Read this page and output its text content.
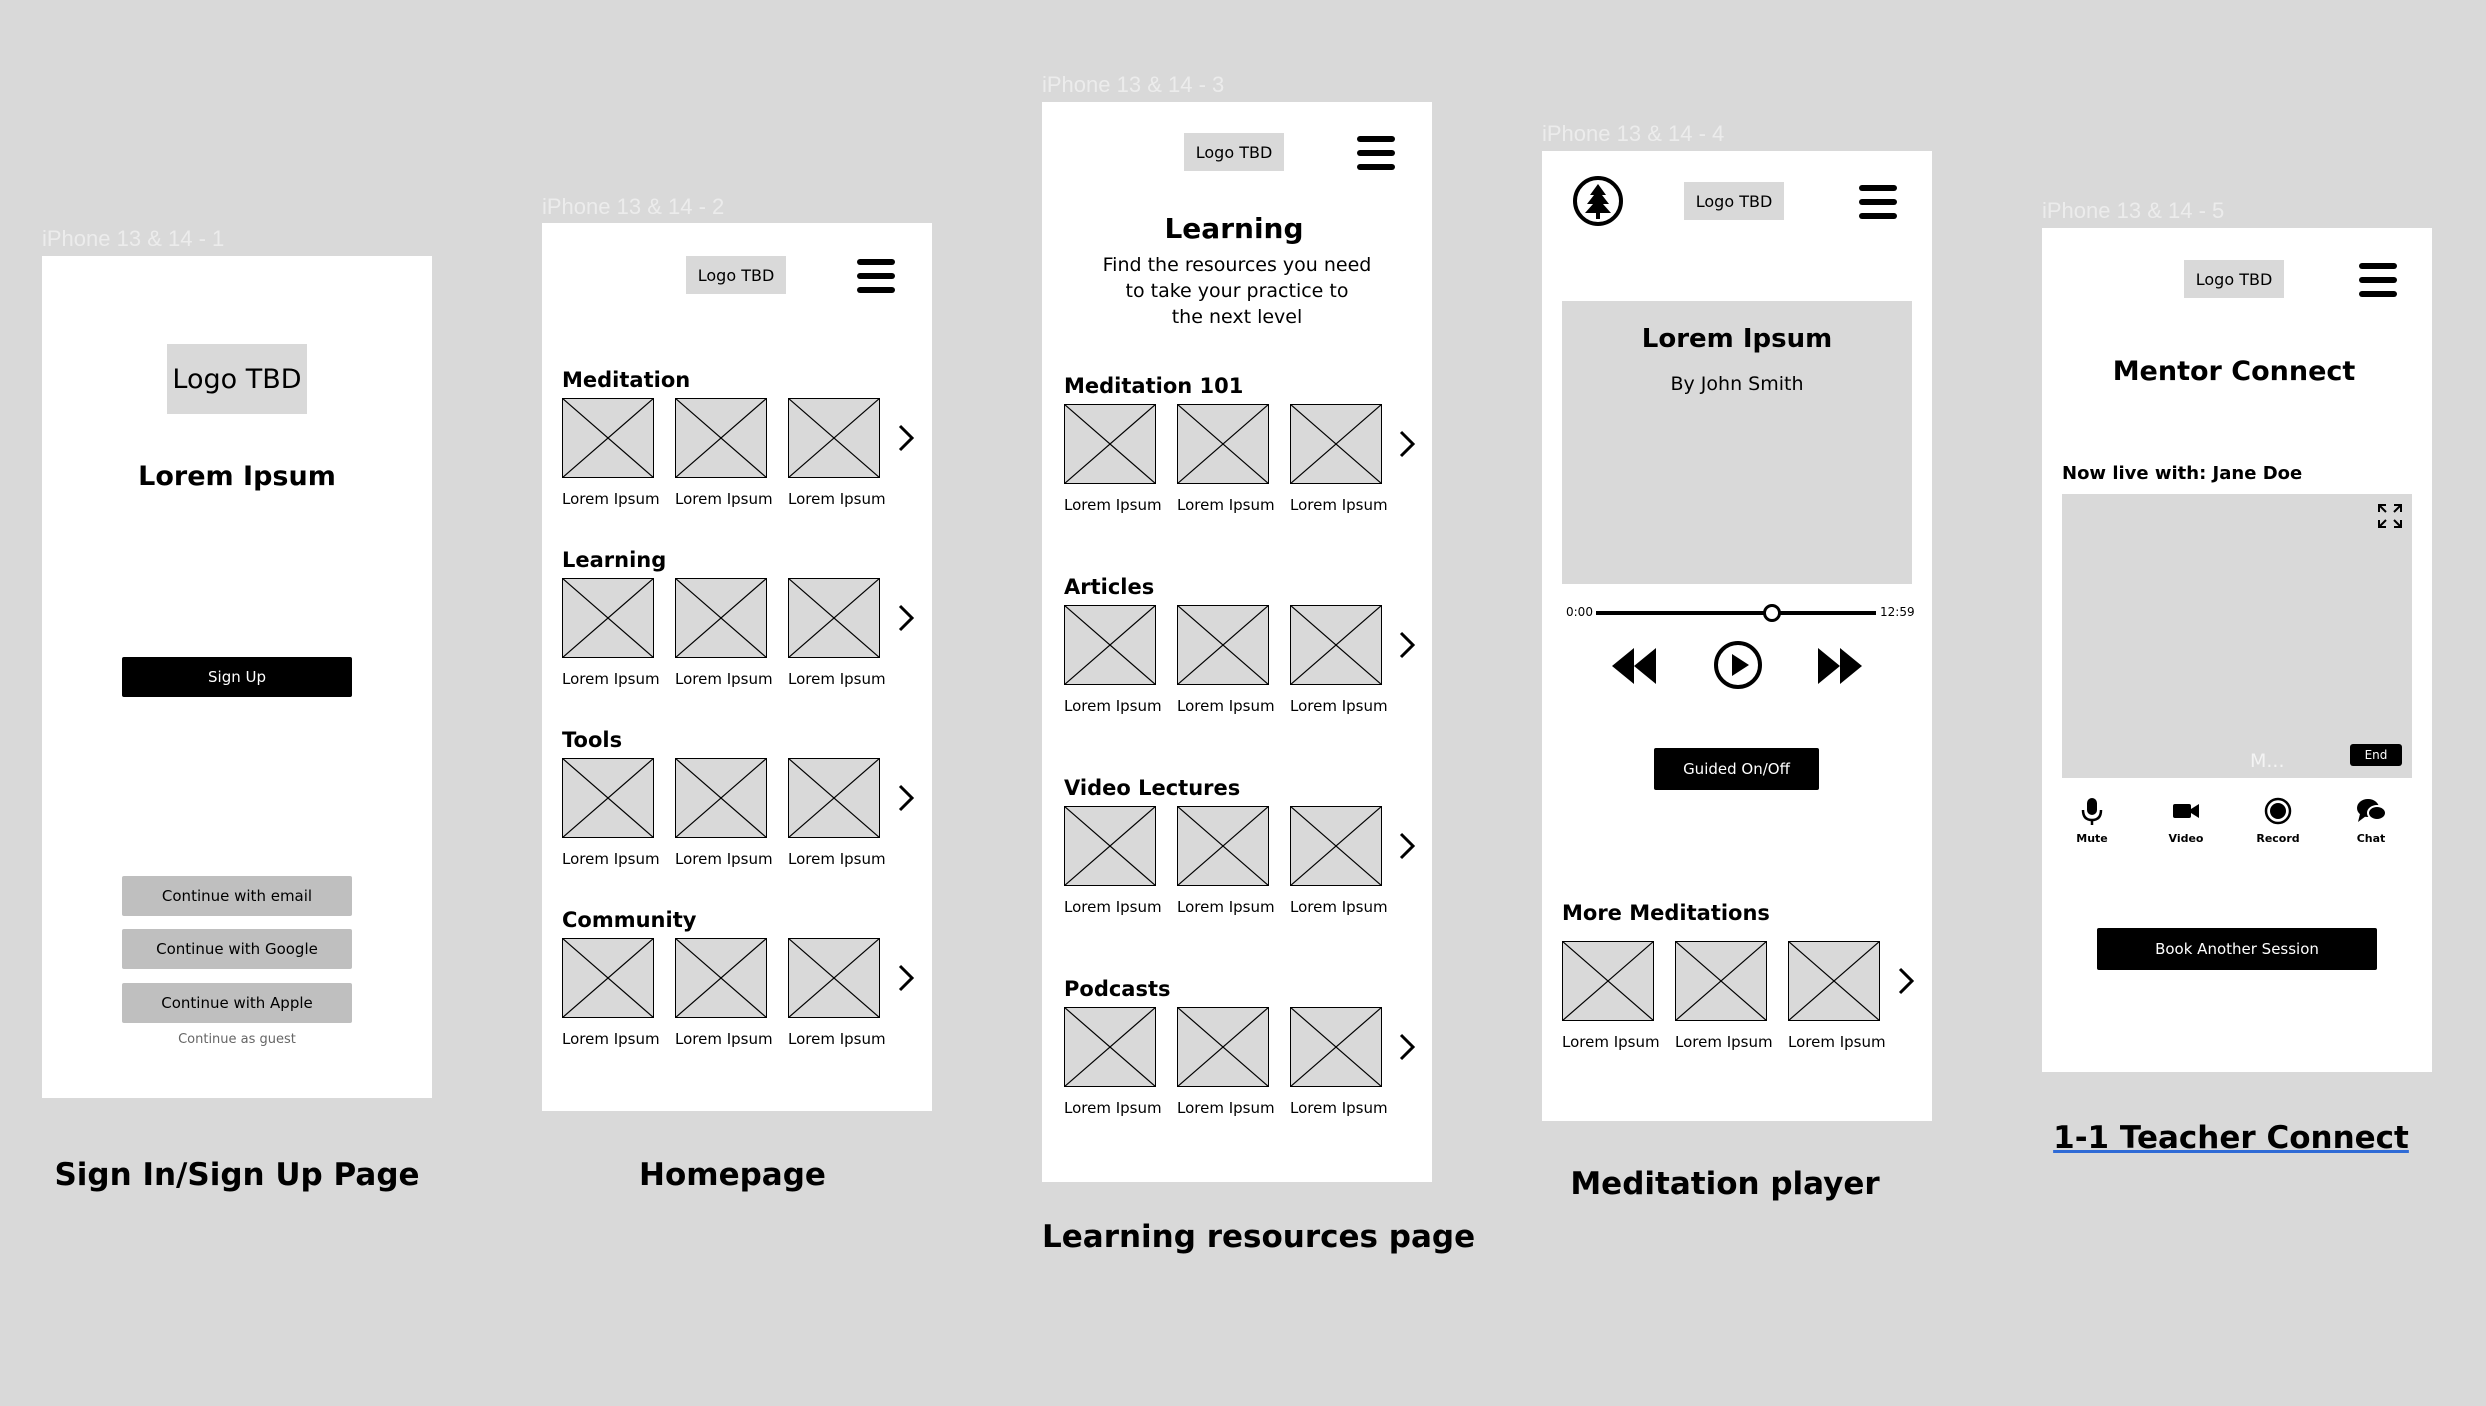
iPhone 13 & 14 - 1
Logo TBD
Lorem Ipsum
Sign Up
Continue with email
Continue with Google
Continue with Apple
Continue as guest
Sign In/Sign Up Page
iPhone 13 & 14 - 2
Logo TBD
Meditation
Lorem Ipsum Lorem Ipsum Lorem Ipsum
Learning
Lorem Ipsum Lorem Ipsum Lorem Ipsum
Tools
Lorem Ipsum Lorem Ipsum Lorem Ipsum
Community
Lorem Ipsum Lorem Ipsum Lorem Ipsum
Homepage
iPhone 13 & 14 - 3
Logo TBD
Learning
Find the resources you need
to take your practice to
the next level
Meditation 101
Lorem Ipsum Lorem Ipsum Lorem Ipsum
Articles
Lorem Ipsum Lorem Ipsum Lorem Ipsum
Video Lectures
Lorem Ipsum Lorem Ipsum Lorem Ipsum
Podcasts
Lorem Ipsum Lorem Ipsum Lorem Ipsum
Learning resources page
iPhone 13 & 14 - 4
Logo TBD
Lorem Ipsum
By John Smith
0:00	12:59
Guided On/Off
More Meditations
Lorem Ipsum Lorem Ipsum Lorem Ipsum
Meditation player
iPhone 13 & 14 - 5
Logo TBD
Mentor Connect
Now live with: Jane Doe
M...	End
Mute	Video	Record	Chat
Book Another Session
1-1 Teacher Connect
